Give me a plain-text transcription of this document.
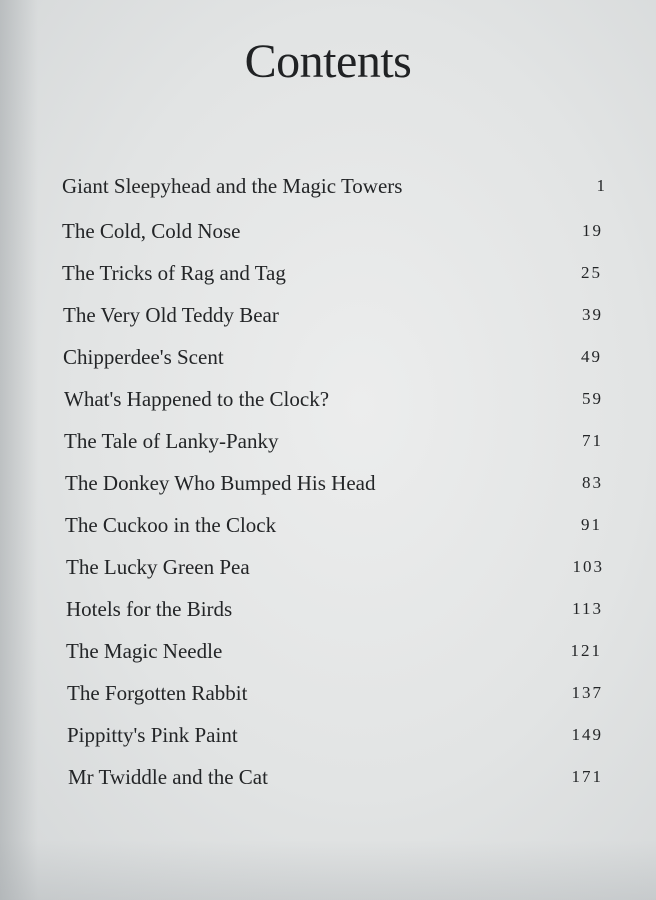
Contents
Giant Sleepyhead and the Magic Towers	1
The Cold, Cold Nose	19
The Tricks of Rag and Tag	25
The Very Old Teddy Bear	39
Chipperdee's Scent	49
What's Happened to the Clock?	59
The Tale of Lanky-Panky	71
The Donkey Who Bumped His Head	83
The Cuckoo in the Clock	91
The Lucky Green Pea	103
Hotels for the Birds	113
The Magic Needle	121
The Forgotten Rabbit	137
Pippitty's Pink Paint	149
Mr Twiddle and the Cat	171
